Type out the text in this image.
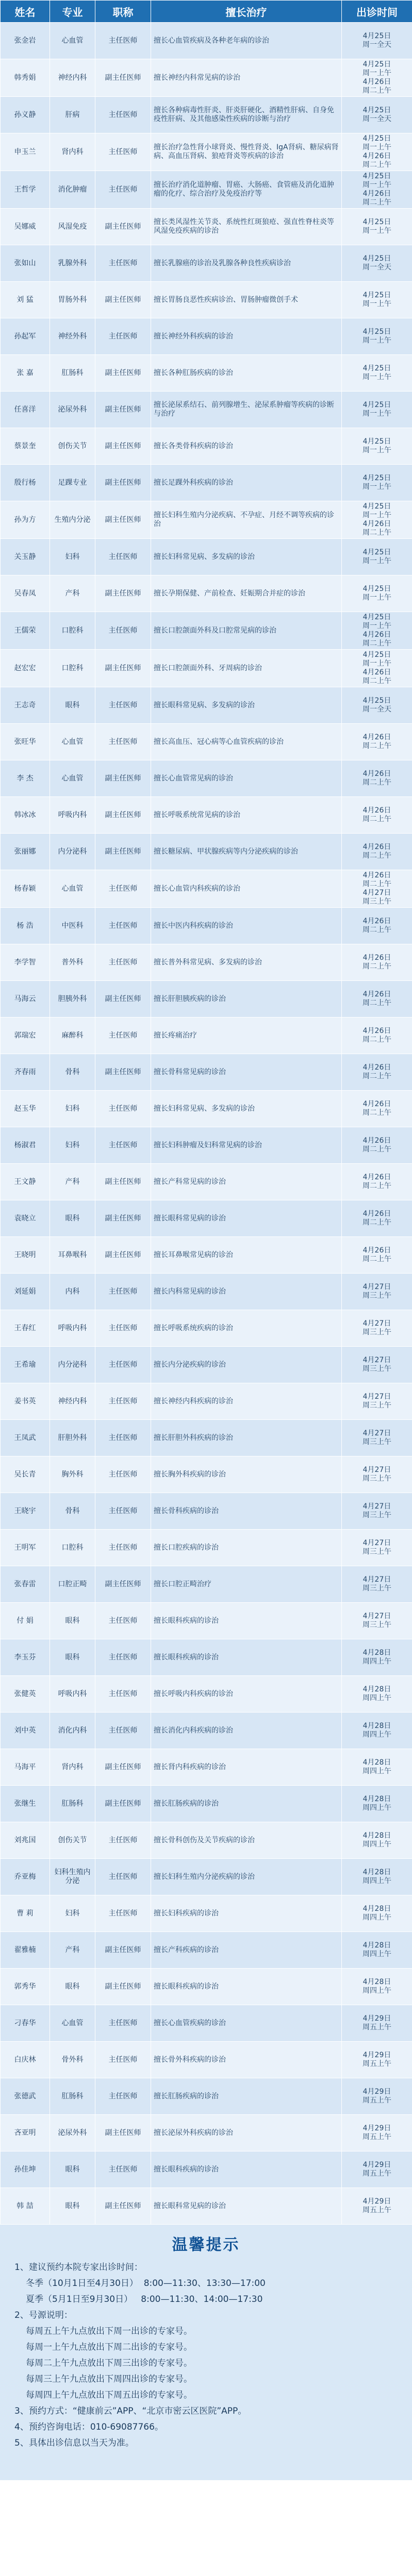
姓名	专业	职称	擅长治疗	出诊时间
张金岩	心血管	主任医师	擅长心血管疾病及各种老年病的诊治	4月25日
周一全天
韩秀娟	神经内科	副主任医师	擅长神经内科常见病的诊治	4月25日
周一上午
4月26日
周二上午
孙义静	肝病	主任医师	擅长各种病毒性肝炎、肝炎肝硬化、酒精性肝病、自身免疫性肝病、及其他感染性疾病的诊断与治疗	4月25日
周一全天
申玉兰	肾内科	主任医师	擅长治疗急性肾小球肾炎、慢性肾炎、IgA肾病、糖尿病肾病、高血压肾病、狼疮肾炎等疾病的诊治	4月25日
周一上午
4月26日
周二上午
王哲学	消化肿瘤	主任医师	擅长治疗消化道肿瘤、胃癌、大肠癌、食管癌及消化道肿瘤的化疗、综合治疗及免疫治疗等	4月25日
周一上午
4月26日
周二上午
吴娜威	风湿免疫	副主任医师	擅长类风湿性关节炎、系统性红斑狼疮、强直性脊柱炎等风湿免疫疾病的诊治	4月25日
周一上午
张如山	乳腺外科	主任医师	擅长乳腺癌的诊治及乳腺各种良性疾病诊治	4月25日
周一全天
刘 猛	胃肠外科	副主任医师	擅长胃肠良恶性疾病诊治、胃肠肿瘤微创手术	4月25日
周一上午
孙起军	神经外科	主任医师	擅长神经外科疾病的诊治	4月25日
周一上午
张 嘉	肛肠科	副主任医师	擅长各种肛肠疾病的诊治	4月25日
周一上午
任喜洋	泌尿外科	副主任医师	擅长泌尿系结石、前列腺增生、泌尿系肿瘤等疾病的诊断与治疗	4月25日
周一上午
蔡景奎	创伤关节	副主任医师	擅长各类骨科疾病的诊治	4月25日
周一上午
殷行杨	足踝专业	副主任医师	擅长足踝外科疾病的诊治	4月25日
周一上午
孙为方	生殖内分泌	副主任医师	擅长妇科生殖内分泌疾病、不孕症、月经不调等疾病的诊治	4月25日
周一上午
4月26日
周二上午
关玉静	妇科	主任医师	擅长妇科常见病、多发病的诊治	4月25日
周一上午
吴春凤	产科	副主任医师	擅长孕期保健、产前检查、妊娠期合并症的诊治	4月25日
周一上午
王儒荣	口腔科	主任医师	擅长口腔颌面外科及口腔常见病的诊治	4月25日
周一上午
4月26日
周二上午
赵宏宏	口腔科	副主任医师	擅长口腔颌面外科、牙周病的诊治	4月25日
周一上午
4月26日
周二上午
王志奇	眼科	主任医师	擅长眼科常见病、多发病的诊治	4月25日
周一全天
张旺华	心血管	主任医师	擅长高血压、冠心病等心血管疾病的诊治	4月26日
周二上午
李 杰	心血管	副主任医师	擅长心血管常见病的诊治	4月26日
周二上午
韩冰冰	呼吸内科	副主任医师	擅长呼吸系统常见病的诊治	4月26日
周二上午
张丽娜	内分泌科	副主任医师	擅长糖尿病、甲状腺疾病等内分泌疾病的诊治	4月26日
周二上午
杨春颖	心血管	主任医师	擅长心血管内科疾病的诊治	4月26日
周二上午
4月27日
周三上午
杨 浩	中医科	主任医师	擅长中医内科疾病的诊治	4月26日
周二上午
李学智	普外科	主任医师	擅长普外科常见病、多发病的诊治	4月26日
周二上午
马海云	胆胰外科	副主任医师	擅长肝胆胰疾病的诊治	4月26日
周二上午
郭瑞宏	麻醉科	主任医师	擅长疼痛治疗	4月26日
周二上午
齐春雨	骨科	副主任医师	擅长骨科常见病的诊治	4月26日
周二上午
赵玉华	妇科	主任医师	擅长妇科常见病、多发病的诊治	4月26日
周二上午
杨淑君	妇科	主任医师	擅长妇科肿瘤及妇科常见病的诊治	4月26日
周二上午
王文静	产科	副主任医师	擅长产科常见病的诊治	4月26日
周二上午
袁晓立	眼科	副主任医师	擅长眼科常见病的诊治	4月26日
周二上午
王晓明	耳鼻喉科	副主任医师	擅长耳鼻喉常见病的诊治	4月26日
周二上午
刘延娟	内科	主任医师	擅长内科常见病的诊治	4月27日
周三上午
王春红	呼吸内科	主任医师	擅长呼吸系统疾病的诊治	4月27日
周三上午
王希瑜	内分泌科	主任医师	擅长内分泌疾病的诊治	4月27日
周三上午
姜书英	神经内科	主任医师	擅长神经内科疾病的诊治	4月27日
周三上午
王凤武	肝胆外科	主任医师	擅长肝胆外科疾病的诊治	4月27日
周三上午
吴长青	胸外科	主任医师	擅长胸外科疾病的诊治	4月27日
周三上午
王晓宇	骨科	主任医师	擅长骨科疾病的诊治	4月27日
周三上午
王明军	口腔科	主任医师	擅长口腔疾病的诊治	4月27日
周三上午
张春雷	口腔正畸	副主任医师	擅长口腔正畸治疗	4月27日
周三上午
付 娟	眼科	主任医师	擅长眼科疾病的诊治	4月27日
周三上午
李玉芬	眼科	主任医师	擅长眼科疾病的诊治	4月28日
周四上午
张健英	呼吸内科	主任医师	擅长呼吸内科疾病的诊治	4月28日
周四上午
刘中英	消化内科	主任医师	擅长消化内科疾病的诊治	4月28日
周四上午
马海平	肾内科	副主任医师	擅长肾内科疾病的诊治	4月28日
周四上午
张继生	肛肠科	副主任医师	擅长肛肠疾病的诊治	4月28日
周四上午
刘兆国	创伤关节	主任医师	擅长骨科创伤及关节疾病的诊治	4月28日
周四上午
乔亚梅	妇科生殖内分泌	主任医师	擅长妇科生殖内分泌疾病的诊治	4月28日
周四上午
曹 莉	妇科	主任医师	擅长妇科疾病的诊治	4月28日
周四上午
翟雅楠	产科	副主任医师	擅长产科疾病的诊治	4月28日
周四上午
郭秀华	眼科	副主任医师	擅长眼科疾病的诊治	4月28日
周四上午
刁春华	心血管	主任医师	擅长心血管疾病的诊治	4月29日
周五上午
白庆林	骨外科	主任医师	擅长骨外科疾病的诊治	4月29日
周五上午
张德武	肛肠科	主任医师	擅长肛肠疾病的诊治	4月29日
周五上午
吝亚明	泌尿外科	副主任医师	擅长泌尿外科疾病的诊治	4月29日
周五上午
孙佳坤	眼科	主任医师	擅长眼科疾病的诊治	4月29日
周五上午
韩 喆	眼科	副主任医师	擅长眼科常见病的诊治	4月29日
周五上午
温馨提示
1、建议预约本院专家出诊时间：
冬季（10月1日至4月30日）  8:00—11:30、13:30—17:00
夏季（5月1日至9月30日）   8:00—11:30、14:00—17:30
2、号源说明：
每周五上午九点放出下周一出诊的专家号。
每周一上午九点放出下周二出诊的专家号。
每周二上午九点放出下周三出诊的专家号。
每周三上午九点放出下周四出诊的专家号。
每周四上午九点放出下周五出诊的专家号。
3、预约方式：“健康前云”APP、“北京市密云区医院”APP。
4、预约咨询电话：010-69087766。
5、具体出诊信息以当天为准。
